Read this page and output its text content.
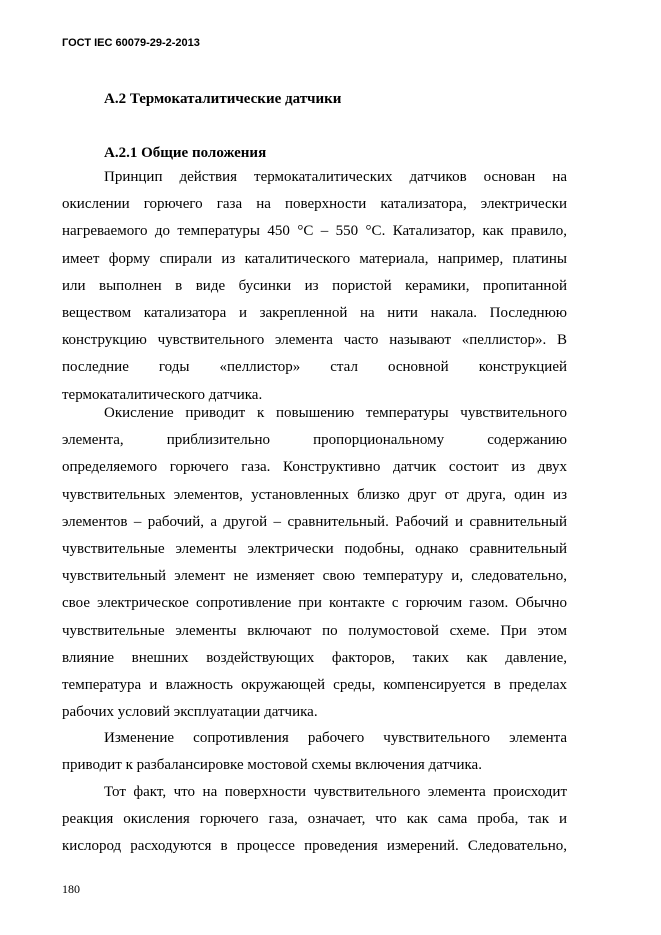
ГОСТ IEC 60079-29-2-2013
A.2 Термокаталитические датчики
А.2.1 Общие положения
Принцип действия термокаталитических датчиков основан на
окислении горючего газа на поверхности катализатора, электрически
нагреваемого до температуры 450 °С – 550 °С. Катализатор, как правило,
имеет форму спирали из каталитического материала, например, платины
или выполнен в виде бусинки из пористой керамики, пропитанной
веществом катализатора и закрепленной на нити накала. Последнюю
конструкцию чувствительного элемента часто называют «пеллистор». В
последние годы «пеллистор» стал основной конструкцией
термокаталитического датчика.
Окисление приводит к повышению температуры чувствительного
элемента, приблизительно пропорциональному содержанию
определяемого горючего газа. Конструктивно датчик состоит из двух
чувствительных элементов, установленных близко друг от друга, один из
элементов – рабочий, а другой – сравнительный. Рабочий и сравнительный
чувствительные элементы электрически подобны, однако сравнительный
чувствительный элемент не изменяет свою температуру и, следовательно,
свое электрическое сопротивление при контакте с горючим газом. Обычно
чувствительные элементы включают по полумостовой схеме. При этом
влияние внешних воздействующих факторов, таких как давление,
температура и влажность окружающей среды, компенсируется в пределах
рабочих условий эксплуатации датчика.
Изменение сопротивления рабочего чувствительного элемента
приводит к разбалансировке мостовой схемы включения датчика.
Тот факт, что на поверхности чувствительного элемента происходит
реакция окисления горючего газа, означает, что как сама проба, так и
кислород расходуются в процессе проведения измерений. Следовательно,
180
